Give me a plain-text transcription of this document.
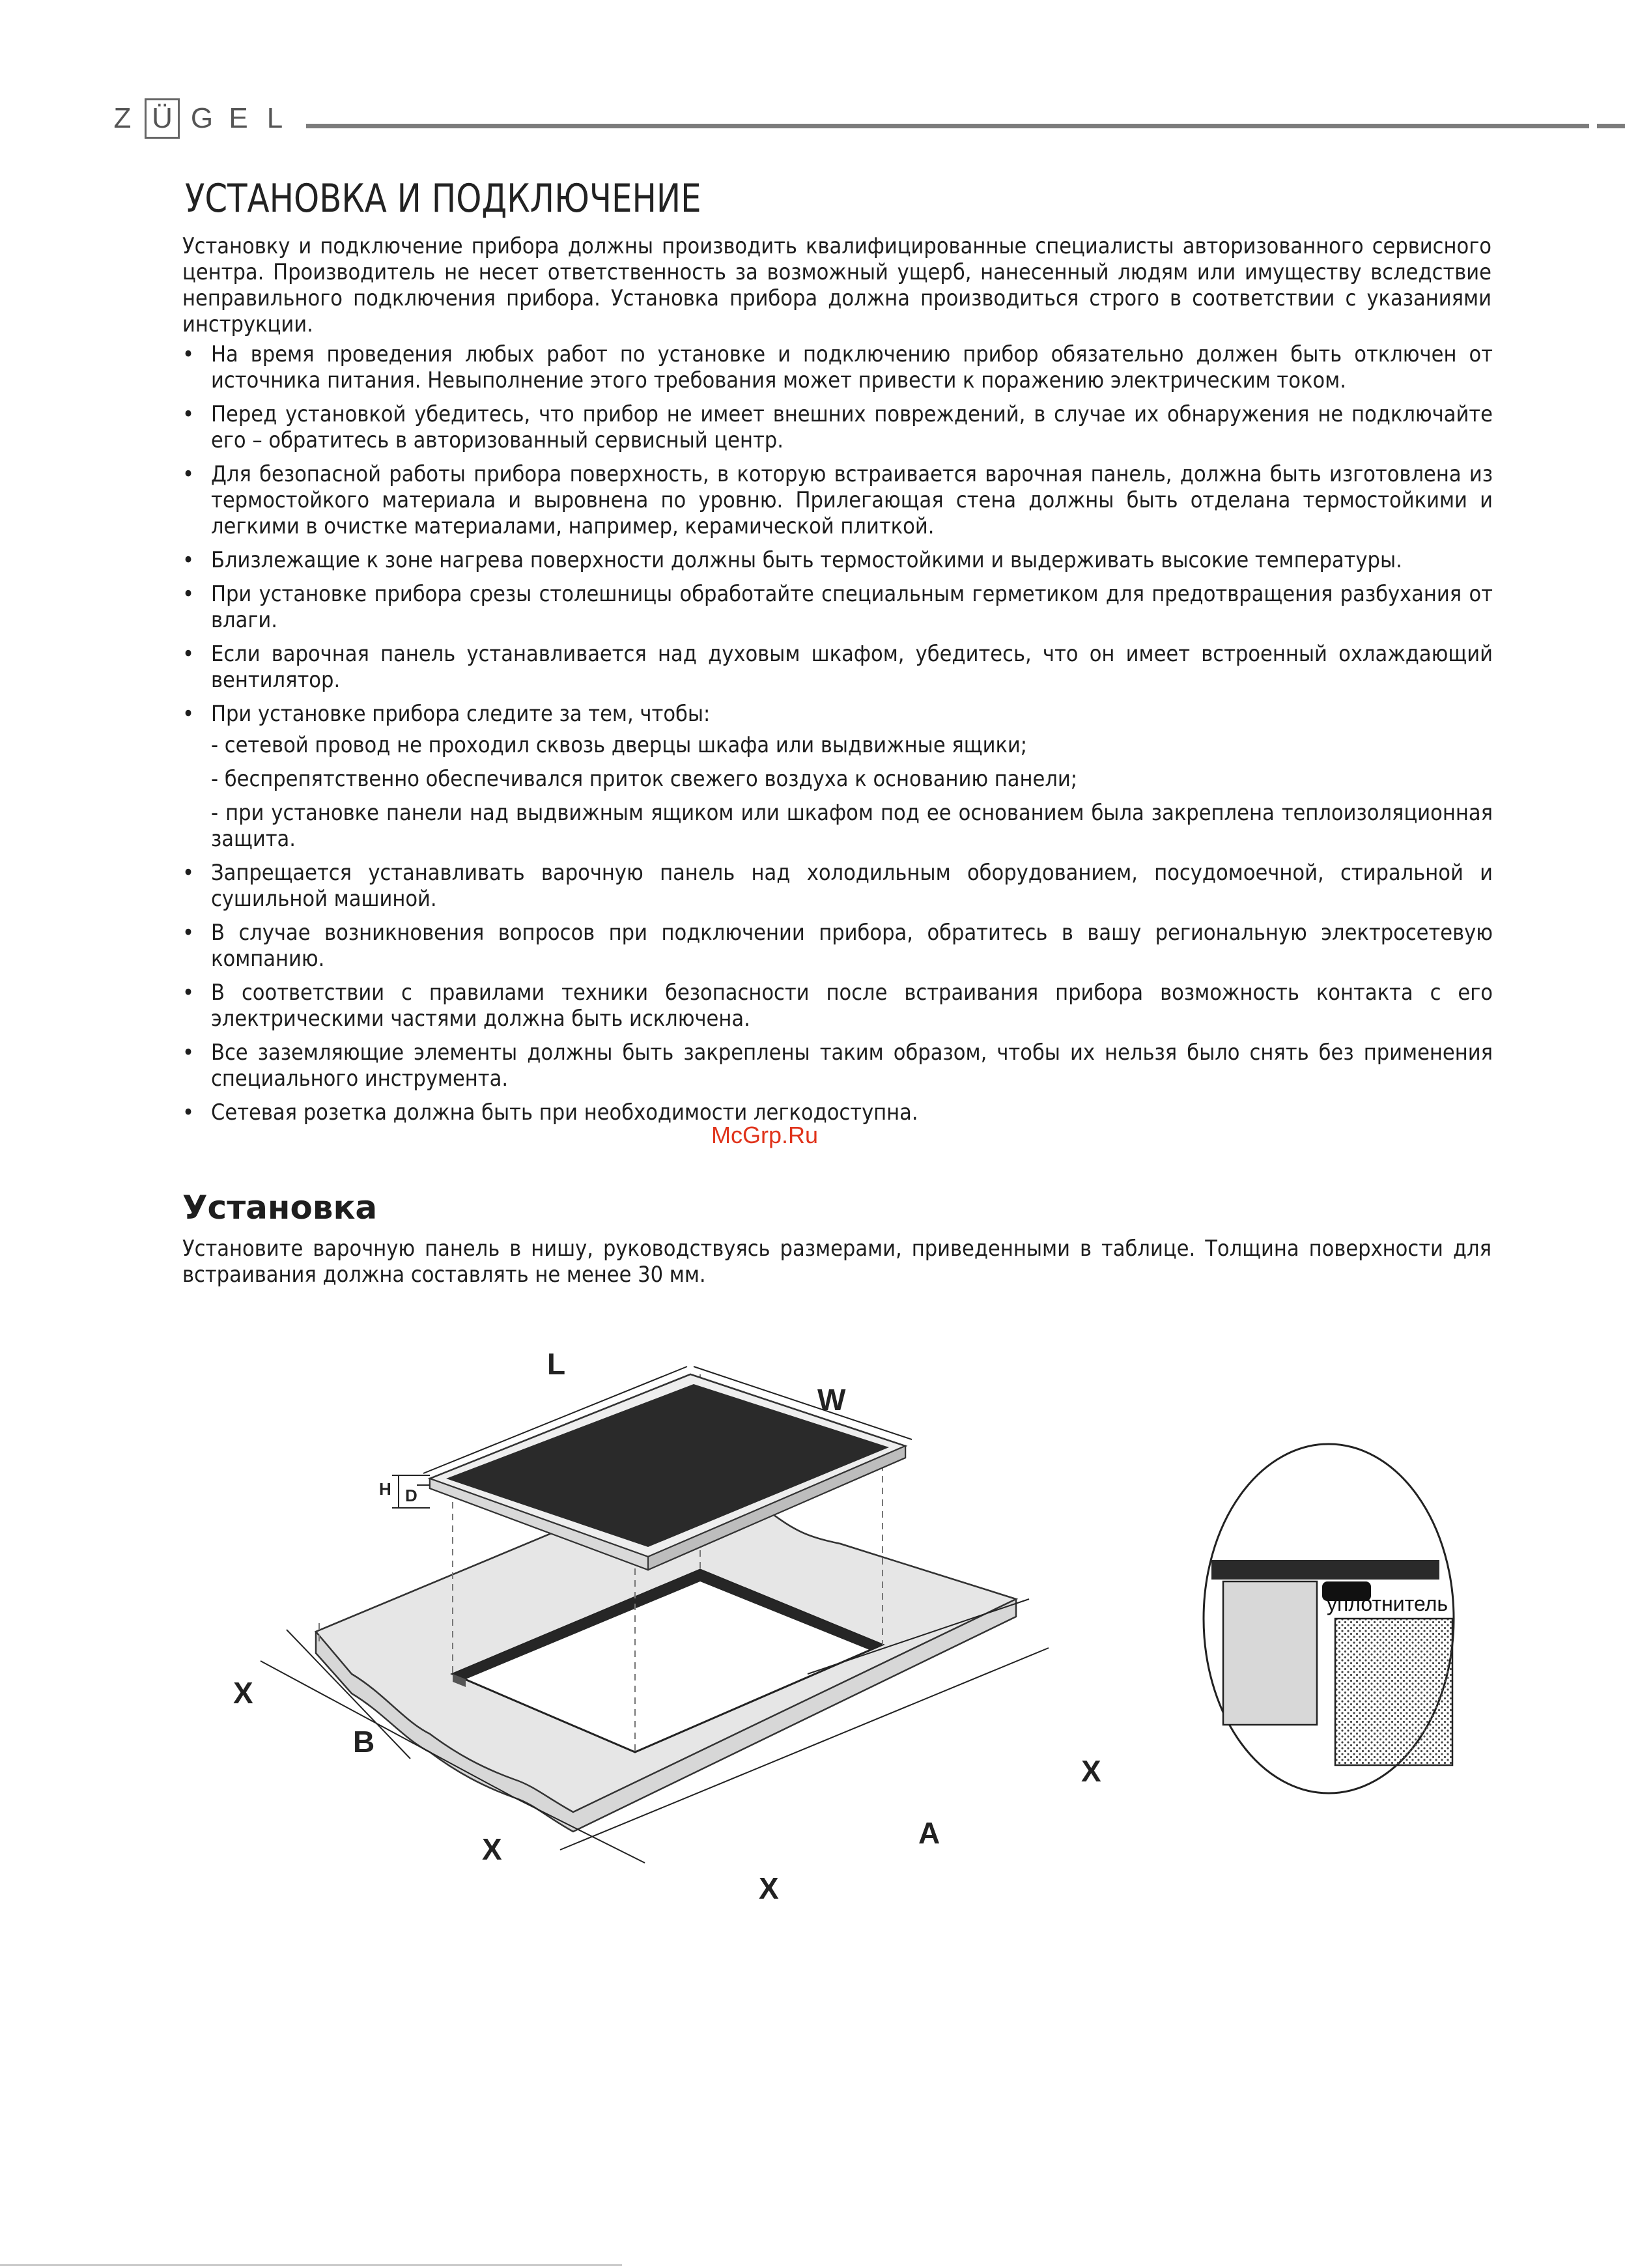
Z Ü G E L
УСТАНОВКА И ПОДКЛЮЧЕНИЕ
Установку и подключение прибора должны производить квалифицированные специалисты авторизованного сервисного центра. Производитель не несет ответственность за возможный ущерб, нанесенный людям или имуществу вследствие неправильного подключения прибора. Установка прибора должна производиться строго в соответствии с указаниями инструкции.
• На время проведения любых работ по установке и подключению прибор обязательно должен быть отключен от источника питания. Невыполнение этого требования может привести к поражению электрическим током.
• Перед установкой убедитесь, что прибор не имеет внешних повреждений, в случае их обнаружения не подключайте его – обратитесь в авторизованный сервисный центр.
• Для безопасной работы прибора поверхность, в которую встраивается варочная панель, должна быть изготовлена из термостойкого материала и выровнена по уровню. Прилегающая стена должны быть отделана термостойкими и легкими в очистке материалами, например, керамической плиткой.
• Близлежащие к зоне нагрева поверхности должны быть термостойкими и выдерживать высокие температуры.
• При установке прибора срезы столешницы обработайте специальным герметиком для предотвращения разбухания от влаги.
• Если варочная панель устанавливается над духовым шкафом, убедитесь, что он имеет встроенный охлаждающий вентилятор.
• При установке прибора следите за тем, чтобы:
- сетевой провод не проходил сквозь дверцы шкафа или выдвижные ящики;
- беспрепятственно обеспечивался приток свежего воздуха к основанию панели;
- при установке панели над выдвижным ящиком или шкафом под ее основанием была закреплена теплоизоляционная защита.
• Запрещается устанавливать варочную панель над холодильным оборудованием, посудомоечной, стиральной и сушильной машиной.
• В случае возникновения вопросов при подключении прибора, обратитесь в вашу региональную электросетевую компанию.
• В соответствии с правилами техники безопасности после встраивания прибора возможность контакта с его электрическими частями должна быть исключена.
• Все заземляющие элементы должны быть закреплены таким образом, чтобы их нельзя было снять без применения специального инструмента.
• Сетевая розетка должна быть при необходимости легкодоступна.
McGrp.Ru
Установка
Установите варочную панель в нишу, руководствуясь размерами, приведенными в таблице. Толщина поверхности для встраивания должна составлять не менее 30 мм.
L
W
H D
X
B
X
X
A
X
уплотнитель
